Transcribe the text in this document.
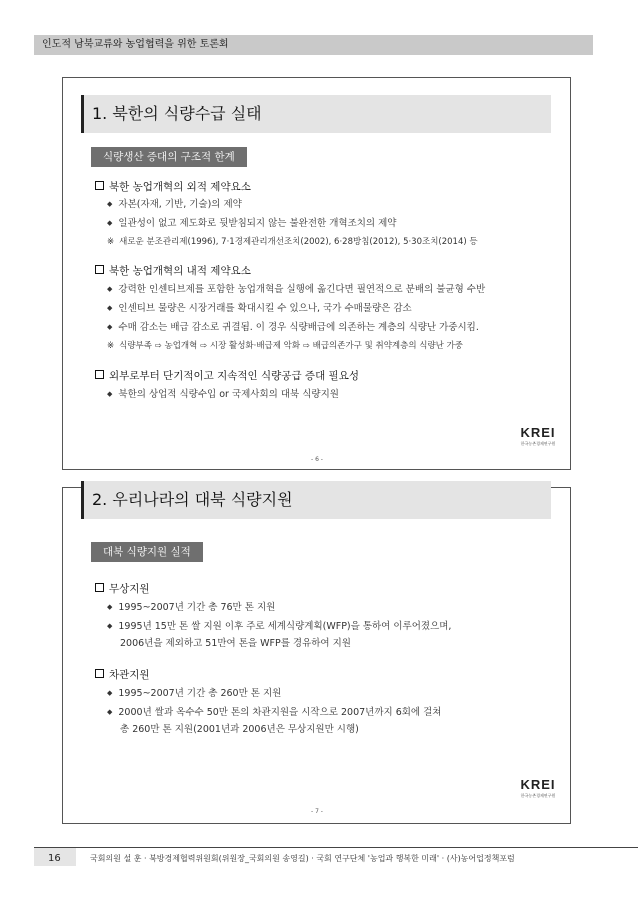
인도적 남북교류와 농업협력을 위한 토론회
1. 북한의 식량수급 실태
식량생산 증대의 구조적 한계
북한 농업개혁의 외적 제약요소
◆ 자본(자재, 기반, 기술)의 제약
◆ 일관성이 없고 제도화로 뒷받침되지 않는 불완전한 개혁조치의 제약
※ 새로운 분조관리제(1996), 7·1경제관리개선조치(2002), 6·28방침(2012), 5·30조치(2014) 등
북한 농업개혁의 내적 제약요소
◆ 강력한 인센티브제를 포함한 농업개혁을 실행에 옮긴다면 필연적으로 분배의 불균형 수반
◆ 인센티브 물량은 시장거래를 확대시킬 수 있으나, 국가 수매물량은 감소
◆ 수매 감소는 배급 감소로 귀결됨. 이 경우 식량배급에 의존하는 계층의 식량난 가중시킴.
※ 식량부족 ⇨ 농업개혁 ⇨ 시장 활성화·배급제 악화 ⇨ 배급의존가구 및 취약계층의 식량난 가중
외부로부터 단기적이고 지속적인 식량공급 증대 필요성
◆ 북한의 상업적 식량수입 or 국제사회의 대북 식량지원
KREI
한국농촌경제연구원
- 6 -
2. 우리나라의 대북 식량지원
대북 식량지원 실적
무상지원
◆ 1995~2007년 기간 총 76만 톤 지원
◆ 1995년 15만 톤 쌀 지원 이후 주로 세계식량계획(WFP)을 통하여 이루어졌으며,
2006년을 제외하고 51만여 톤을 WFP를 경유하여 지원
차관지원
◆ 1995~2007년 기간 총 260만 톤 지원
◆ 2000년 쌀과 옥수수 50만 톤의 차관지원을 시작으로 2007년까지 6회에 걸쳐
총 260만 톤 지원(2001년과 2006년은 무상지원만 시행)
KREI
한국농촌경제연구원
- 7 -
16	국회의원 설 훈 · 북방경제협력위원회(위원장_국회의원 송영길) · 국회 연구단체 '농업과 행복한 미래' · (사)농어업정책포럼
